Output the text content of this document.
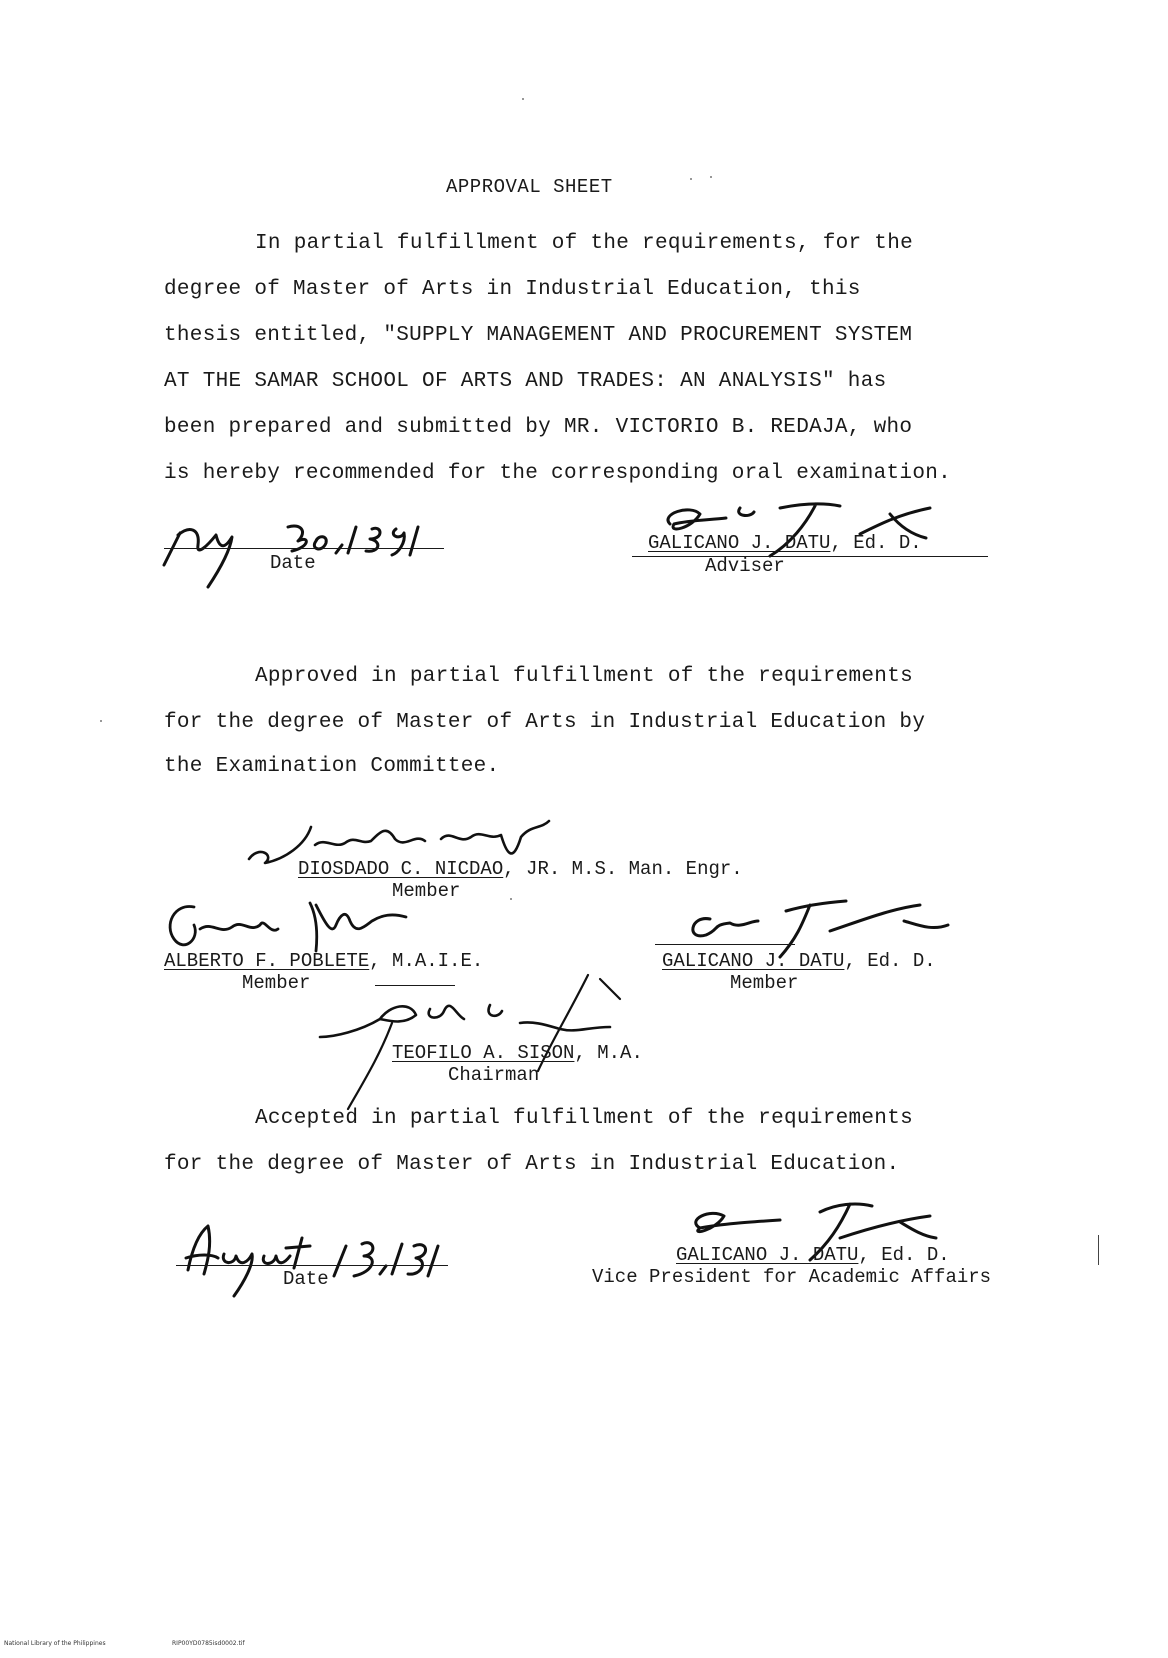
APPROVAL SHEET
In partial fulfillment of the requirements, for the
degree of Master of Arts in Industrial Education, this
thesis entitled, "SUPPLY MANAGEMENT AND PROCUREMENT SYSTEM
AT THE SAMAR SCHOOL OF ARTS AND TRADES: AN ANALYSIS" has
been prepared and submitted by MR. VICTORIO B. REDAJA, who
is hereby recommended for the corresponding oral examination.
Date
GALICANO J. DATU, Ed. D.
Adviser
Approved in partial fulfillment of the requirements
for the degree of Master of Arts in Industrial Education by
the Examination Committee.
DIOSDADO C. NICDAO, JR. M.S. Man. Engr.
Member
ALBERTO F. POBLETE, M.A.I.E.
Member
GALICANO J. DATU, Ed. D.
Member
TEOFILO A. SISON, M.A.
Chairman
Accepted in partial fulfillment of the requirements
for the degree of Master of Arts in Industrial Education.
Date
GALICANO J. DATU, Ed. D.
Vice President for Academic Affairs
National Library of the Philippines	RIP00YD0785isd0002.tif
